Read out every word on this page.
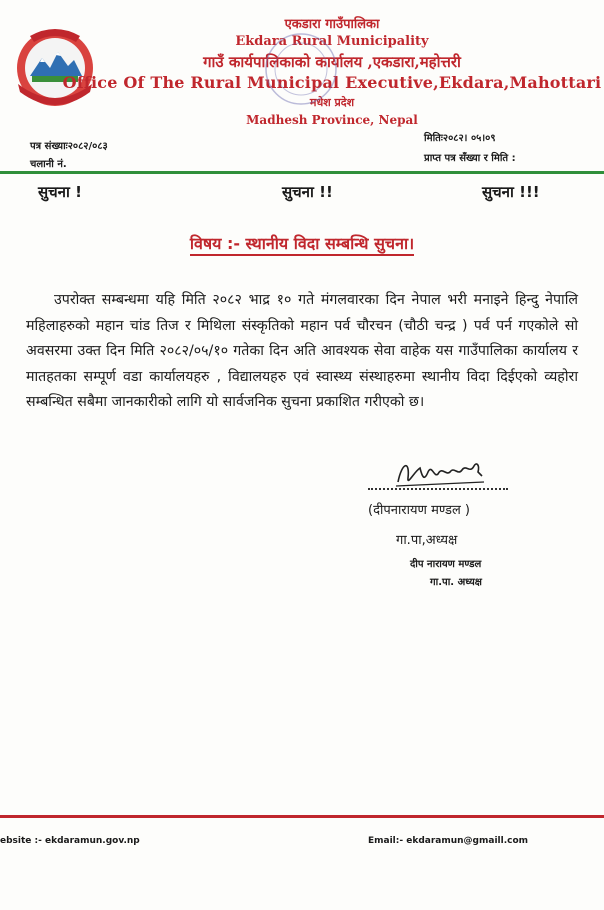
एकडारा गाउँपालिका
Ekdara Rural Municipality
गाउँ कार्यपालिकाको कार्यालय ,एकडारा,महोत्तरी
Office Of The Rural Municipal Executive,Ekdara,Mahottari
मधेश प्रदेश
Madhesh Province, Nepal
पत्र संख्याः२०८२/०८३
चलानी नं.
मितिः२०८२। ०५।०९
प्राप्त पत्र सँख्या र मिति :
सुचना !	सुचना !!	सुचना !!!
विषय :- स्थानीय विदा सम्बन्धि सुचना।
उपरोक्त सम्बन्धमा यहि मिति २०८२ भाद्र १० गते मंगलवारका दिन नेपाल भरी मनाइने हिन्दु नेपालि महिलाहरुको महान चांड तिज र मिथिला संस्कृतिको महान पर्व चौरचन (चौठी चन्द्र ) पर्व पर्न गएकोले सो अवसरमा उक्त दिन मिति २०८२/०५/१० गतेका दिन अति आवश्यक सेवा वाहेक यस गाउँपालिका कार्यालय र मातहतका सम्पूर्ण वडा कार्यालयहरु , विद्यालयहरु एवं स्वास्थ्य संस्थाहरुमा स्थानीय विदा दिईएको व्यहोरा सम्बन्धित सबैमा जानकारीको लागि यो सार्वजनिक सुचना प्रकाशित गरीएको छ।
(दीपनारायण मण्डल )
गा.पा,अध्यक्ष
दीप नारायण मण्डल
गा.पा. अध्यक्ष
ebsite :- ekdaramun.gov.np	Email:- ekdaramun@gmaill.com
